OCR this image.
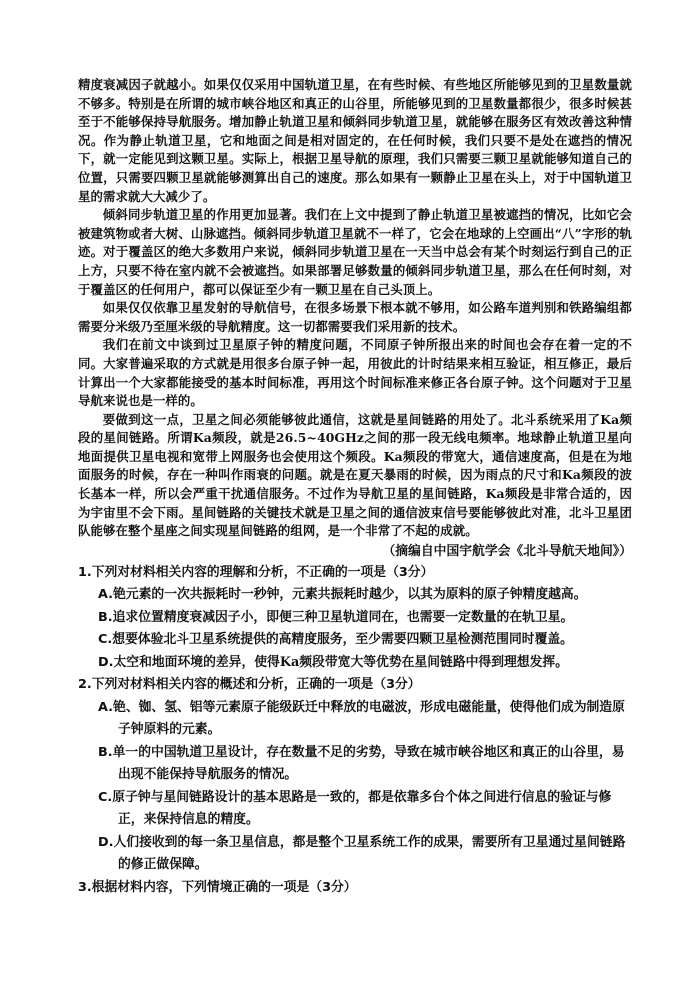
精度衰减因子就越小。如果仅仅采用中国轨道卫星，在有些时候、有些地区所能够见到的卫星数量就不够多。特别是在所谓的城市峡谷地区和真正的山谷里，所能够见到的卫星数量都很少，很多时候甚至于不能够保持导航服务。增加静止轨道卫星和倾斜同步轨道卫星，就能够在服务区有效改善这种情况。作为静止轨道卫星，它和地面之间是相对固定的，在任何时候，我们只要不是处在遮挡的情况下，就一定能见到这颗卫星。实际上，根据卫星导航的原理，我们只需要三颗卫星就能够知道自己的位置，只需要四颗卫星就能够测算出自己的速度。那么如果有一颗静止卫星在头上，对于中国轨道卫星的需求就大大减少了。

倾斜同步轨道卫星的作用更加显著。我们在上文中提到了静止轨道卫星被遮挡的情况，比如它会被建筑物或者大树、山脉遮挡。倾斜同步轨道卫星就不一样了，它会在地球的上空画出“八”字形的轨迹。对于覆盖区的绝大多数用户来说，倾斜同步轨道卫星在一天当中总会有某个时刻运行到自己的正上方，只要不待在室内就不会被遮挡。如果部署足够数量的倾斜同步轨道卫星，那么在任何时刻，对于覆盖区的任何用户，都可以保证至少有一颗卫星在自己头顶上。

如果仅仅依靠卫星发射的导航信号，在很多场景下根本就不够用，如公路车道判别和铁路编组都需要分米级乃至厘米级的导航精度。这一切都需要我们采用新的技术。

我们在前文中谈到过卫星原子钟的精度问题，不同原子钟所报出来的时间也会存在着一定的不同。大家普遍采取的方式就是用很多台原子钟一起，用彼此的计时结果来相互验证，相互修正，最后计算出一个大家都能接受的基本时间标准，再用这个时间标准来修正各台原子钟。这个问题对于卫星导航来说也是一样的。

要做到这一点，卫星之间必须能够彼此通信，这就是星间链路的用处了。北斗系统采用了Ka频段的星间链路。所谓Ka频段，就是26.5~40GHz之间的那一段无线电频率。地球静止轨道卫星向地面提供卫星电视和宽带上网服务也会使用这个频段。Ka频段的带宽大，通信速度高，但是在为地面服务的时候，存在一种叫作雨衰的问题。就是在夏天暴雨的时候，因为雨点的尺寸和Ka频段的波长基本一样，所以会严重干扰通信服务。不过作为导航卫星的星间链路，Ka频段是非常合适的，因为宇宙里不会下雨。星间链路的关键技术就是卫星之间的通信波束信号要能够彼此对准，北斗卫星团队能够在整个星座之间实现星间链路的组网，是一个非常了不起的成就。

（摘编自中国宇航学会《北斗导航天地间》）

1.下列对材料相关内容的理解和分析，不正确的一项是（3分）

A.铯元素的一次共振耗时一秒钟，元素共振耗时越少，以其为原料的原子钟精度越高。

B.追求位置精度衰减因子小，即便三种卫星轨道同在，也需要一定数量的在轨卫星。

C.想要体验北斗卫星系统提供的高精度服务，至少需要四颗卫星检测范围同时覆盖。

D.太空和地面环境的差异，使得Ka频段带宽大等优势在星间链路中得到理想发挥。

2.下列对材料相关内容的概述和分析，正确的一项是（3分）

A.铯、铷、氢、铝等元素原子能级跃迁中释放的电磁波，形成电磁能量，使得他们成为制造原子钟原料的元素。

B.单一的中国轨道卫星设计，存在数量不足的劣势，导致在城市峡谷地区和真正的山谷里，易出现不能保持导航服务的情况。

C.原子钟与星间链路设计的基本思路是一致的，都是依靠多台个体之间进行信息的验证与修正，来保持信息的精度。

D.人们接收到的每一条卫星信息，都是整个卫星系统工作的成果，需要所有卫星通过星间链路的修正做保障。

3.根据材料内容，下列情境正确的一项是（3分）
